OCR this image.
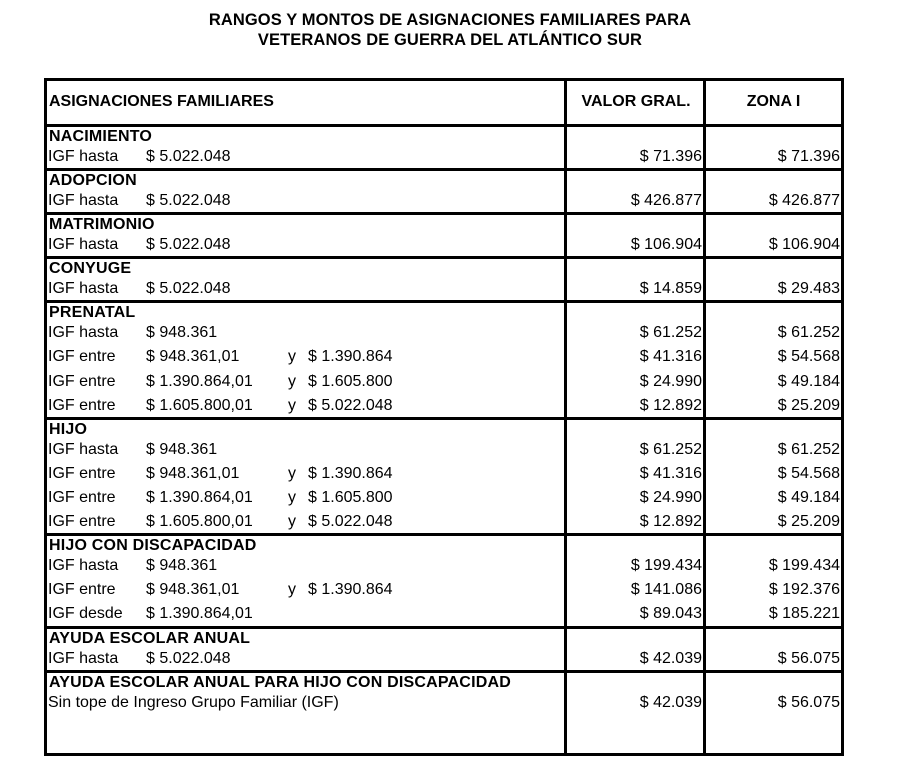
RANGOS Y MONTOS DE ASIGNACIONES FAMILIARES PARA
VETERANOS DE GUERRA DEL ATLÁNTICO SUR
ASIGNACIONES FAMILIARES	VALOR GRAL.	ZONA I
NACIMIENTO
IGF hasta $ 5.022.048	$ 71.396	$ 71.396
ADOPCION
IGF hasta $ 5.022.048	$ 426.877	$ 426.877
MATRIMONIO
IGF hasta $ 5.022.048	$ 106.904	$ 106.904
CONYUGE
IGF hasta $ 5.022.048	$ 14.859	$ 29.483
PRENATAL
IGF hasta $ 948.361	$ 61.252	$ 61.252
IGF entre $ 948.361,01	y $ 1.390.864	$ 41.316	$ 54.568
IGF entre $ 1.390.864,01 y $ 1.605.800	$ 24.990	$ 49.184
IGF entre $ 1.605.800,01 y $ 5.022.048	$ 12.892	$ 25.209
HIJO
IGF hasta $ 948.361	$ 61.252	$ 61.252
IGF entre $ 948.361,01	y $ 1.390.864	$ 41.316	$ 54.568
IGF entre $ 1.390.864,01 y $ 1.605.800	$ 24.990	$ 49.184
IGF entre $ 1.605.800,01 y $ 5.022.048	$ 12.892	$ 25.209
HIJO CON DISCAPACIDAD
IGF hasta $ 948.361	$ 199.434	$ 199.434
IGF entre $ 948.361,01	y $ 1.390.864	$ 141.086	$ 192.376
IGF desde $ 1.390.864,01	$ 89.043	$ 185.221
AYUDA ESCOLAR ANUAL
IGF hasta $ 5.022.048	$ 42.039	$ 56.075
AYUDA ESCOLAR ANUAL PARA HIJO CON DISCAPACIDAD
Sin tope de Ingreso Grupo Familiar (IGF)	$ 42.039	$ 56.075
